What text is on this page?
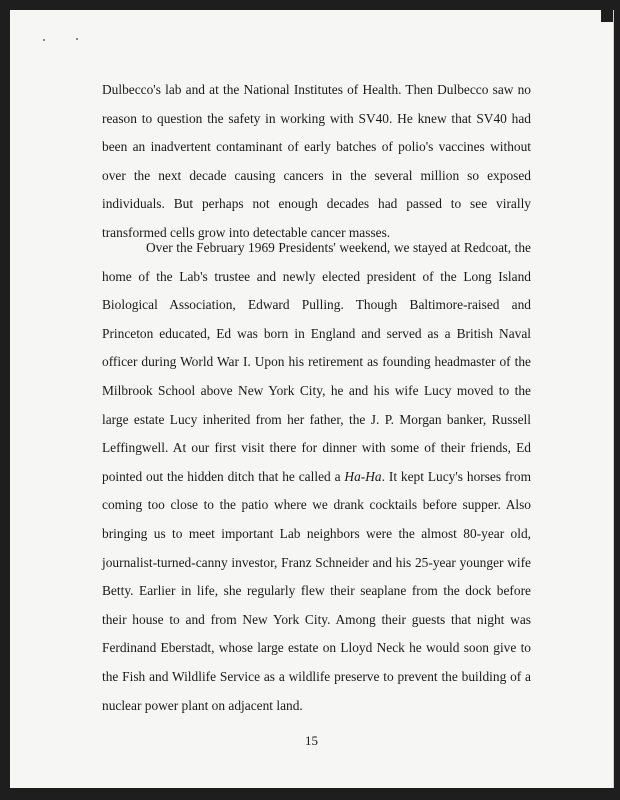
Dulbecco's lab and at the National Institutes of Health. Then Dulbecco saw no reason to question the safety in working with SV40. He knew that SV40 had been an inadvertent contaminant of early batches of polio's vaccines without over the next decade causing cancers in the several million so exposed individuals. But perhaps not enough decades had passed to see virally transformed cells grow into detectable cancer masses.

Over the February 1969 Presidents' weekend, we stayed at Redcoat, the home of the Lab's trustee and newly elected president of the Long Island Biological Association, Edward Pulling. Though Baltimore-raised and Princeton educated, Ed was born in England and served as a British Naval officer during World War I. Upon his retirement as founding headmaster of the Milbrook School above New York City, he and his wife Lucy moved to the large estate Lucy inherited from her father, the J. P. Morgan banker, Russell Leffingwell. At our first visit there for dinner with some of their friends, Ed pointed out the hidden ditch that he called a Ha-Ha. It kept Lucy's horses from coming too close to the patio where we drank cocktails before supper. Also bringing us to meet important Lab neighbors were the almost 80-year old, journalist-turned-canny investor, Franz Schneider and his 25-year younger wife Betty. Earlier in life, she regularly flew their seaplane from the dock before their house to and from New York City. Among their guests that night was Ferdinand Eberstadt, whose large estate on Lloyd Neck he would soon give to the Fish and Wildlife Service as a wildlife preserve to prevent the building of a nuclear power plant on adjacent land.

15
